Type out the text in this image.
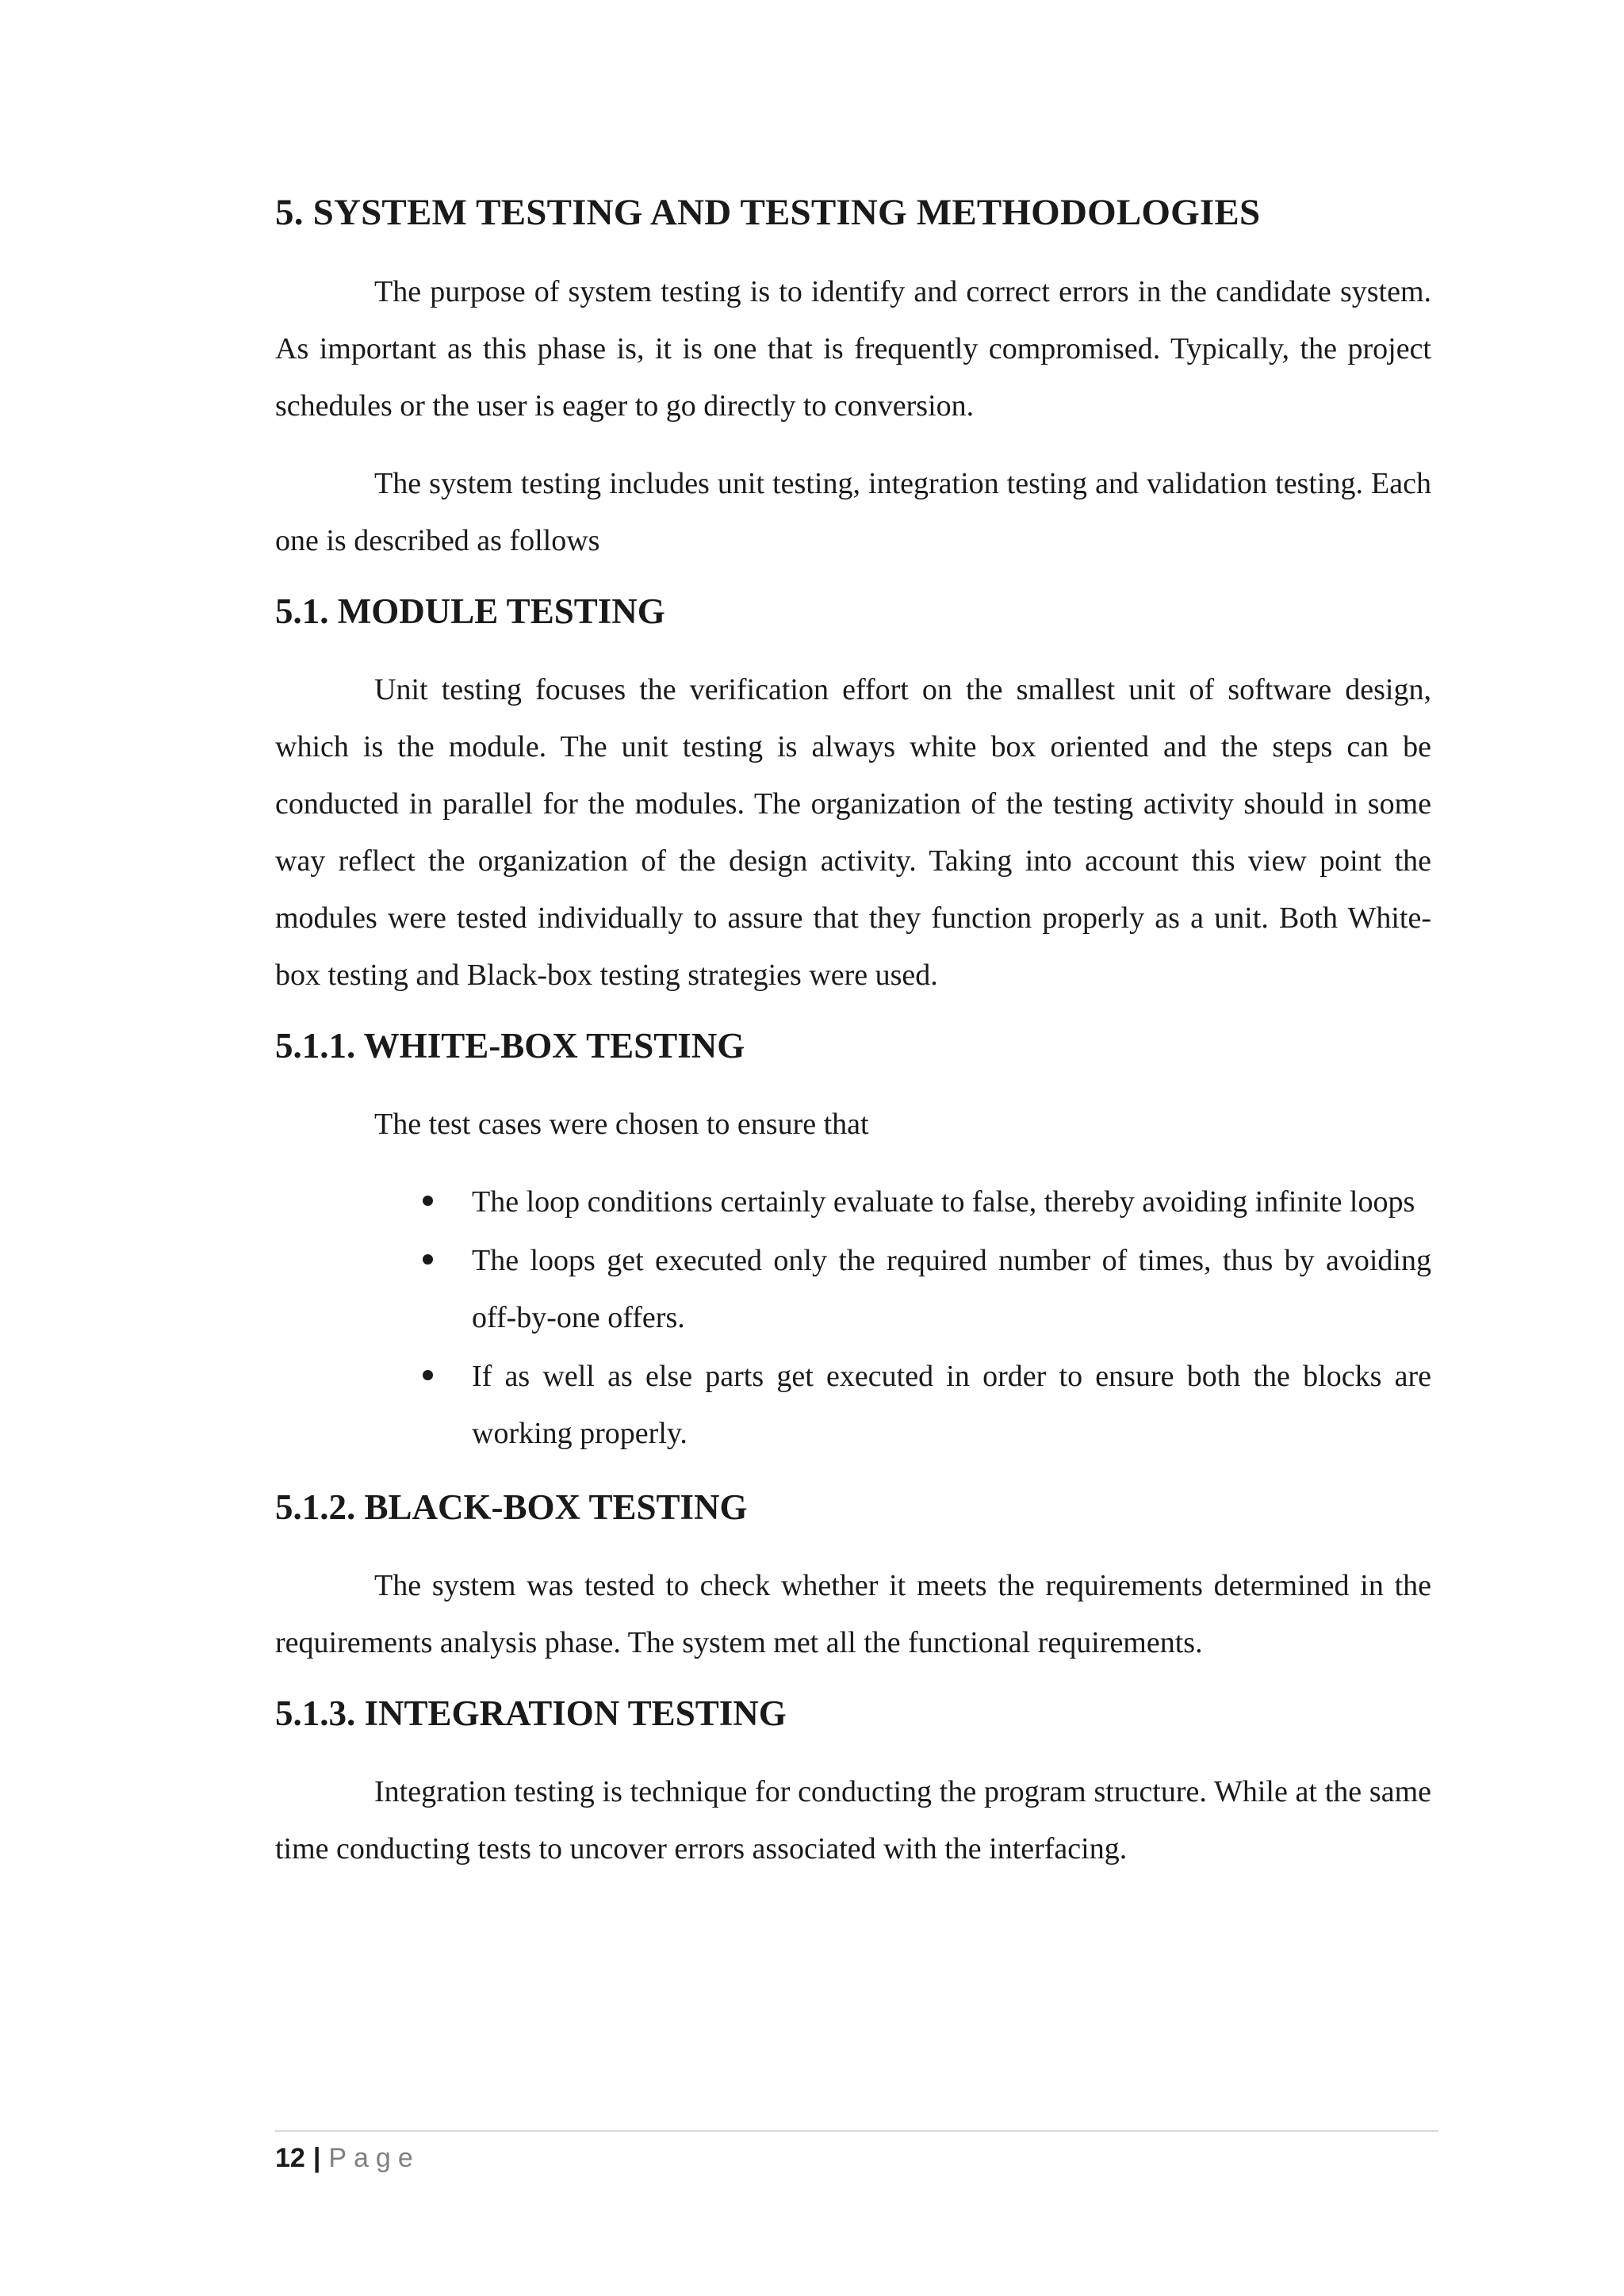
5. SYSTEM TESTING AND TESTING METHODOLOGIES

The purpose of system testing is to identify and correct errors in the candidate system. As important as this phase is, it is one that is frequently compromised. Typically, the project schedules or the user is eager to go directly to conversion.

The system testing includes unit testing, integration testing and validation testing. Each one is described as follows

5.1. MODULE TESTING

Unit testing focuses the verification effort on the smallest unit of software design, which is the module. The unit testing is always white box oriented and the steps can be conducted in parallel for the modules. The organization of the testing activity should in some way reflect the organization of the design activity. Taking into account this view point the modules were tested individually to assure that they function properly as a unit. Both White-box testing and Black-box testing strategies were used.

5.1.1. WHITE-BOX TESTING

The test cases were chosen to ensure that

The loop conditions certainly evaluate to false, thereby avoiding infinite loops
The loops get executed only the required number of times, thus by avoiding off-by-one offers.
If as well as else parts get executed in order to ensure both the blocks are working properly.
5.1.2. BLACK-BOX TESTING

The system was tested to check whether it meets the requirements determined in the requirements analysis phase. The system met all the functional requirements.

5.1.3. INTEGRATION TESTING

Integration testing is technique for conducting the program structure. While at the same time conducting tests to uncover errors associated with the interfacing.

12 | Page
